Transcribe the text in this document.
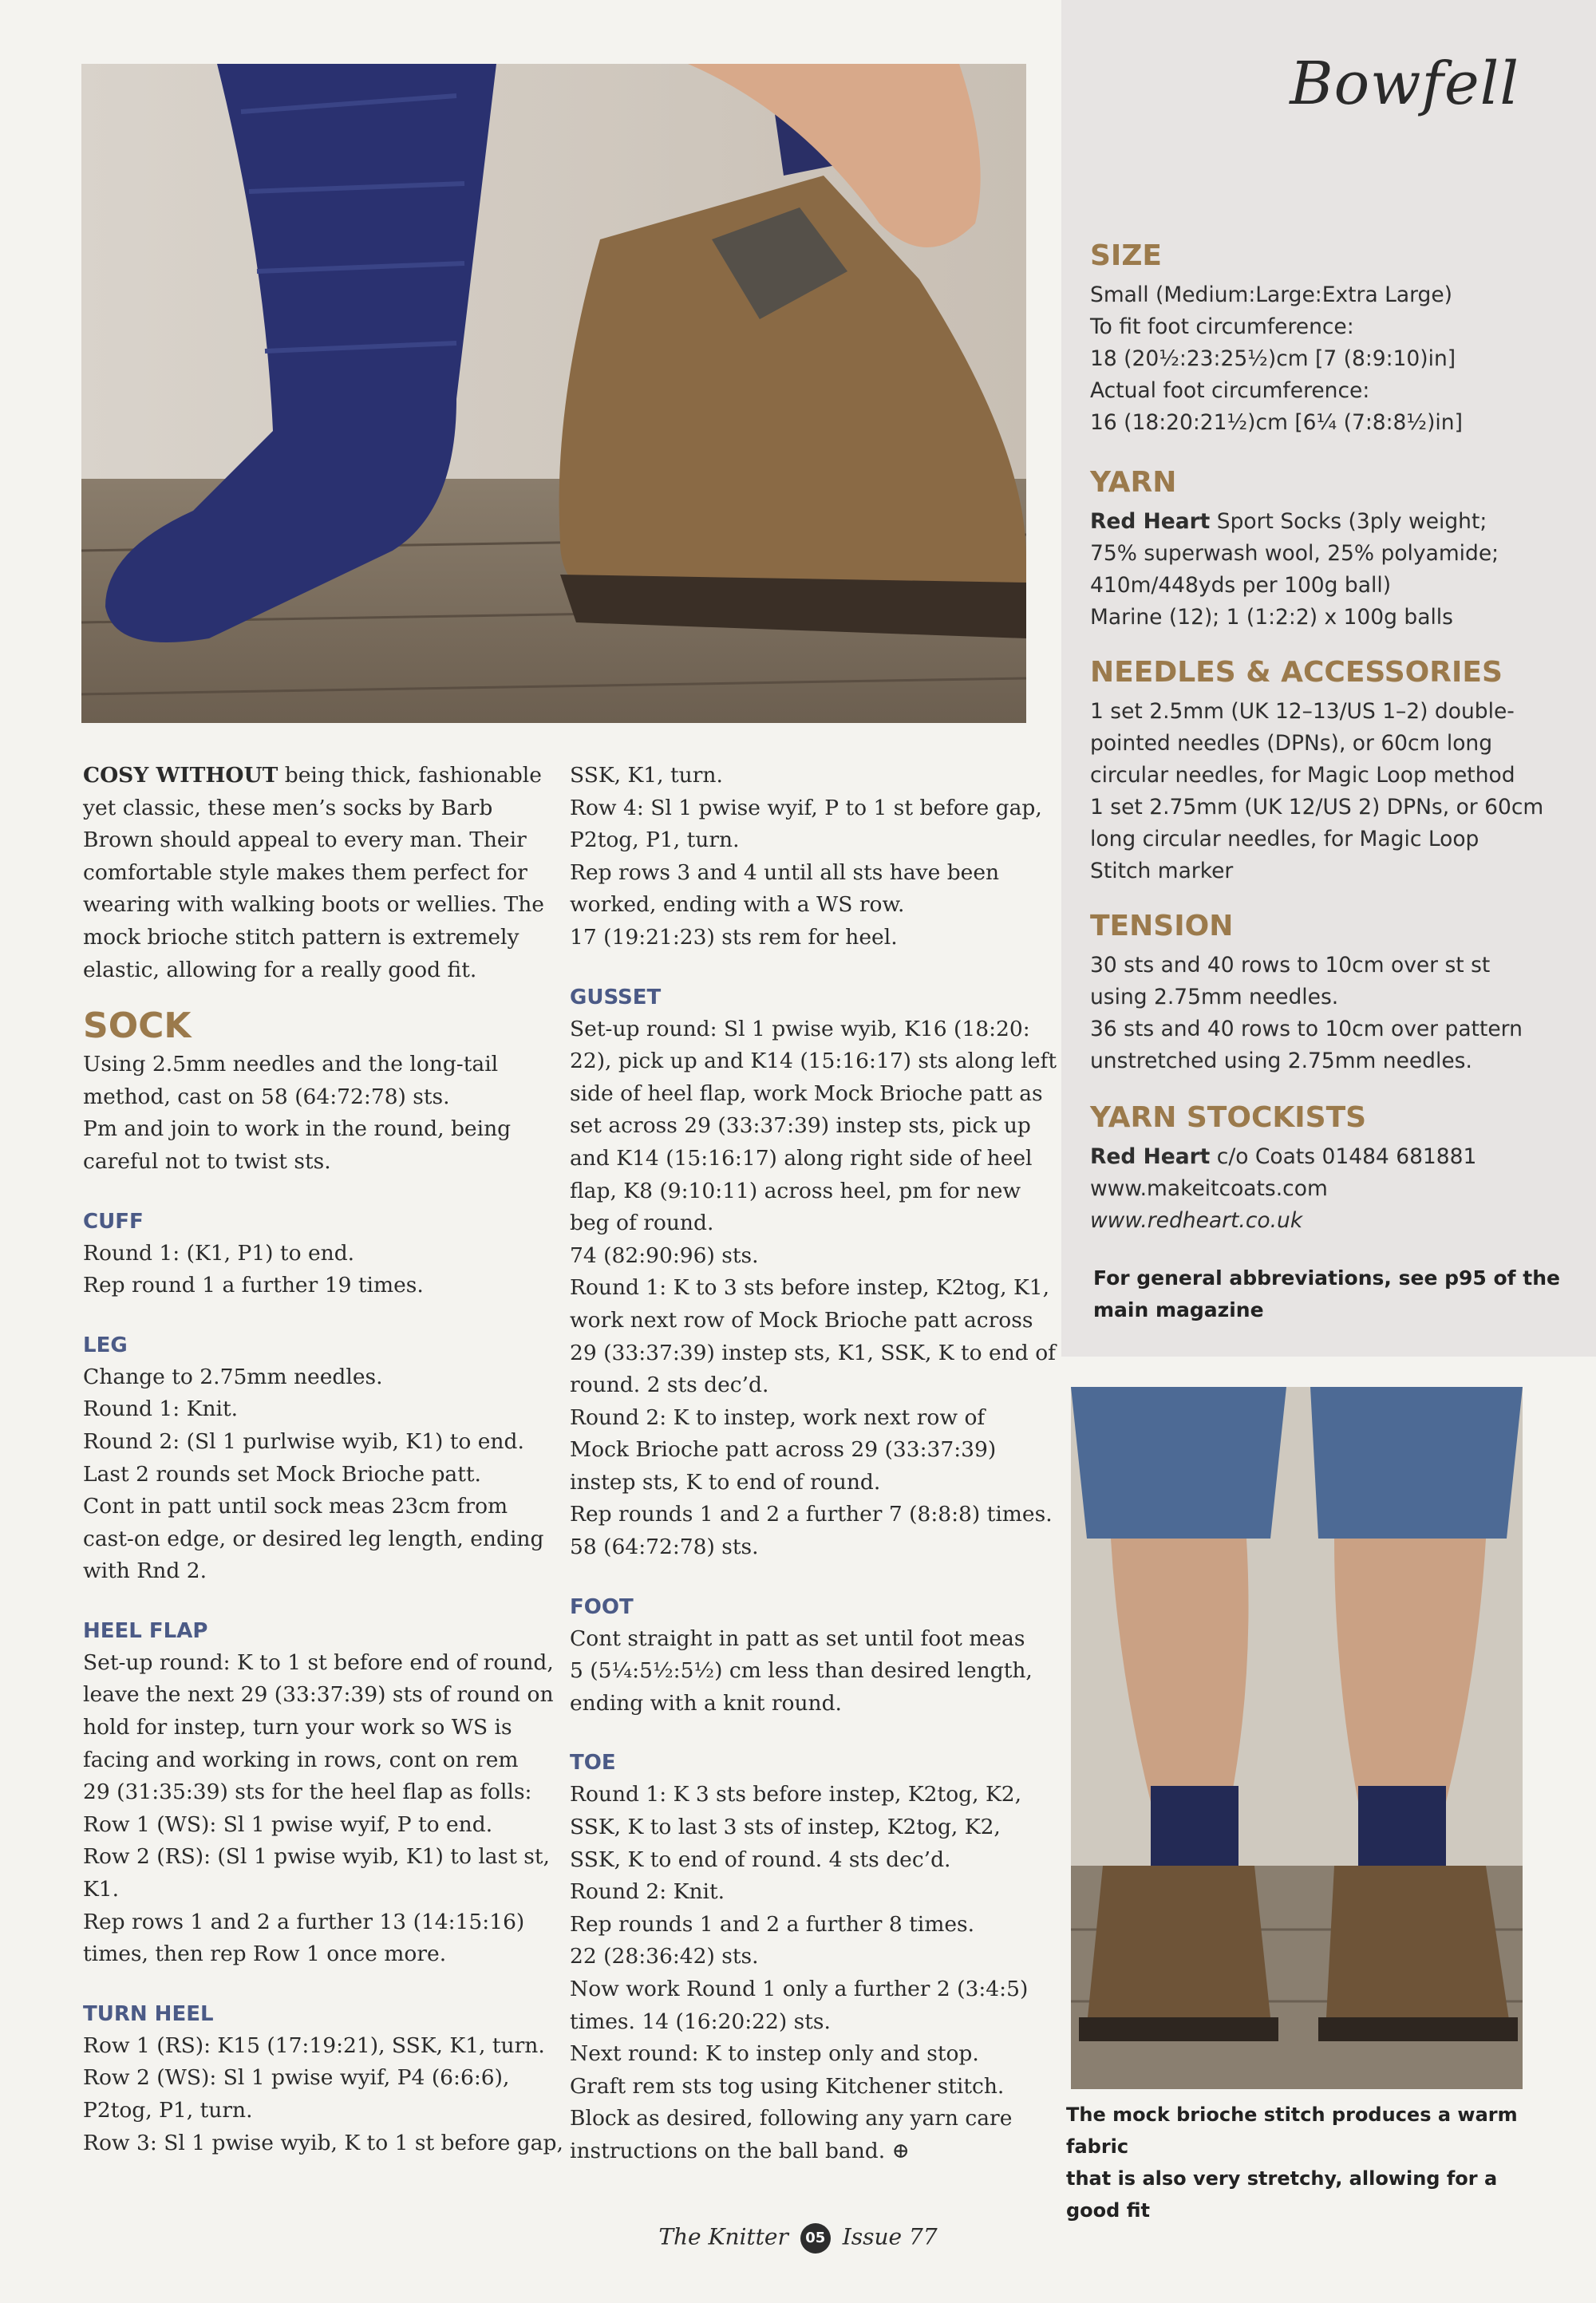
Bowfell
SIZE
Small (Medium:Large:Extra Large)
To fit foot circumference:
18 (20½:23:25½)cm [7 (8:9:10)in]
Actual foot circumference:
16 (18:20:21½)cm [6¼ (7:8:8½)in]
YARN
Red Heart Sport Socks (3ply weight;
75% superwash wool, 25% polyamide;
410m/448yds per 100g ball)
Marine (12); 1 (1:2:2) x 100g balls
NEEDLES & ACCESSORIES
1 set 2.5mm (UK 12–13/US 1–2) double-
pointed needles (DPNs), or 60cm long
circular needles, for Magic Loop method
1 set 2.75mm (UK 12/US 2) DPNs, or 60cm
long circular needles, for Magic Loop
Stitch marker
TENSION
30 sts and 40 rows to 10cm over st st
using 2.75mm needles.
36 sts and 40 rows to 10cm over pattern
unstretched using 2.75mm needles.
YARN STOCKISTS
Red Heart c/o Coats 01484 681881
www.makeitcoats.com
www.redheart.co.uk
For general abbreviations, see p95 of the
main magazine
The mock brioche stitch produces a warm fabric
that is also very stretchy, allowing for a good fit
COSY WITHOUT being thick, fashionable
yet classic, these men’s socks by Barb
Brown should appeal to every man. Their
comfortable style makes them perfect for
wearing with walking boots or wellies. The
mock brioche stitch pattern is extremely
elastic, allowing for a really good fit.
SOCK
Using 2.5mm needles and the long-tail
method, cast on 58 (64:72:78) sts.
Pm and join to work in the round, being
careful not to twist sts.
CUFF
Round 1: (K1, P1) to end.
Rep round 1 a further 19 times.
LEG
Change to 2.75mm needles.
Round 1: Knit.
Round 2: (Sl 1 purlwise wyib, K1) to end.
Last 2 rounds set Mock Brioche patt.
Cont in patt until sock meas 23cm from
cast-on edge, or desired leg length, ending
with Rnd 2.
HEEL FLAP
Set-up round: K to 1 st before end of round,
leave the next 29 (33:37:39) sts of round on
hold for instep, turn your work so WS is
facing and working in rows, cont on rem
29 (31:35:39) sts for the heel flap as folls:
Row 1 (WS): Sl 1 pwise wyif, P to end.
Row 2 (RS): (Sl 1 pwise wyib, K1) to last st,
K1.
Rep rows 1 and 2 a further 13 (14:15:16)
times, then rep Row 1 once more.
TURN HEEL
Row 1 (RS): K15 (17:19:21), SSK, K1, turn.
Row 2 (WS): Sl 1 pwise wyif, P4 (6:6:6),
P2tog, P1, turn.
Row 3: Sl 1 pwise wyib, K to 1 st before gap,
SSK, K1, turn.
Row 4: Sl 1 pwise wyif, P to 1 st before gap,
P2tog, P1, turn.
Rep rows 3 and 4 until all sts have been
worked, ending with a WS row.
17 (19:21:23) sts rem for heel.
GUSSET
Set-up round: Sl 1 pwise wyib, K16 (18:20:
22), pick up and K14 (15:16:17) sts along left
side of heel flap, work Mock Brioche patt as
set across 29 (33:37:39) instep sts, pick up
and K14 (15:16:17) along right side of heel
flap, K8 (9:10:11) across heel, pm for new
beg of round.
74 (82:90:96) sts.
Round 1: K to 3 sts before instep, K2tog, K1,
work next row of Mock Brioche patt across
29 (33:37:39) instep sts, K1, SSK, K to end of
round. 2 sts dec’d.
Round 2: K to instep, work next row of
Mock Brioche patt across 29 (33:37:39)
instep sts, K to end of round.
Rep rounds 1 and 2 a further 7 (8:8:8) times.
58 (64:72:78) sts.
FOOT
Cont straight in patt as set until foot meas
5 (5¼:5½:5½) cm less than desired length,
ending with a knit round.
TOE
Round 1: K 3 sts before instep, K2tog, K2,
SSK, K to last 3 sts of instep, K2tog, K2,
SSK, K to end of round. 4 sts dec’d.
Round 2: Knit.
Rep rounds 1 and 2 a further 8 times.
22 (28:36:42) sts.
Now work Round 1 only a further 2 (3:4:5)
times. 14 (16:20:22) sts.
Next round: K to instep only and stop.
Graft rem sts tog using Kitchener stitch.
Block as desired, following any yarn care
instructions on the ball band. ⊕
The Knitter 05 Issue 77
